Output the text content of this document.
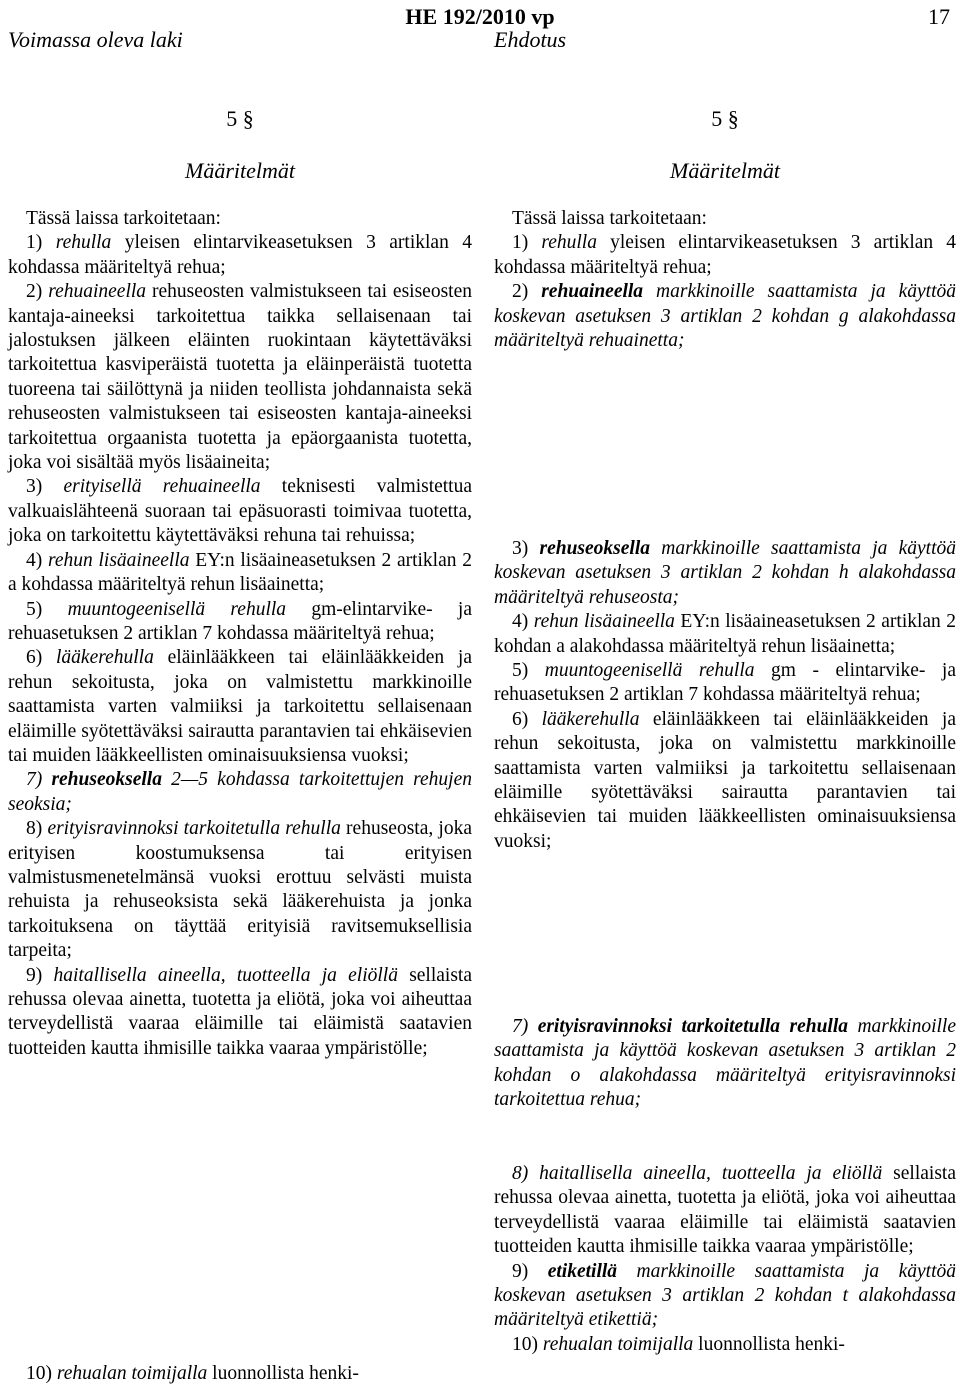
HE 192/2010 vp	17
Voimassa oleva laki	Ehdotus
5 §
Määritelmät

Tässä laissa tarkoitetaan:

1) rehulla yleisen elintarvikeasetuksen 3 artiklan 4 kohdassa määriteltyä rehua;

2) rehuaineella rehuseosten valmistukseen tai esiseosten kantaja-aineeksi tarkoitettua taikka sellaisenaan tai jalostuksen jälkeen eläinten ruokintaan käytettäväksi tarkoitettua kasviperäistä tuotetta ja eläinperäistä tuotetta tuoreena tai säilöttynä ja niiden teollista johdannaista sekä rehuseosten valmistukseen tai esiseosten kantaja-aineeksi tarkoitettua orgaanista tuotetta ja epäorgaanista tuotetta, joka voi sisältää myös lisäaineita;

3) erityisellä rehuaineella teknisesti valmistettua valkuaislähteenä suoraan tai epäsuorasti toimivaa tuotetta, joka on tarkoitettu käytettäväksi rehuna tai rehuissa;

4) rehun lisäaineella EY:n lisäaineasetuksen 2 artiklan 2 a kohdassa määriteltyä rehun lisäainetta;

5) muuntogeenisellä rehulla gm-elintarvike- ja rehuasetuksen 2 artiklan 7 kohdassa määriteltyä rehua;

6) lääkerehulla eläinlääkkeen tai eläinlääkkeiden ja rehun sekoitusta, joka on valmistettu markkinoille saattamista varten valmiiksi ja tarkoitettu sellaisenaan eläimille syötettäväksi sairautta parantavien tai ehkäisevien tai muiden lääkkeellisten ominaisuuksiensa vuoksi;

7) rehuseoksella 2—5 kohdassa tarkoitettujen rehujen seoksia;

8) erityisravinnoksi tarkoitetulla rehulla rehuseosta, joka erityisen koostumuksensa tai erityisen valmistusmenetelmänsä vuoksi erottuu selvästi muista rehuista ja rehuseoksista sekä lääkerehuista ja jonka tarkoituksena on täyttää erityisiä ravitsemuksellisia tarpeita;

9) haitallisella aineella, tuotteella ja eliöllä sellaista rehussa olevaa ainetta, tuotetta ja eliötä, joka voi aiheuttaa terveydellistä vaaraa eläimille tai eläimistä saatavien tuotteiden kautta ihmisille taikka vaaraa ympäristölle;

10) rehualan toimijalla luonnollista henki-

5 §
Määritelmät

Tässä laissa tarkoitetaan:

1) rehulla yleisen elintarvikeasetuksen 3 artiklan 4 kohdassa määriteltyä rehua;

2) rehuaineella markkinoille saattamista ja käyttöä koskevan asetuksen 3 artiklan 2 kohdan g alakohdassa määriteltyä rehuainetta;

3) rehuseoksella markkinoille saattamista ja käyttöä koskevan asetuksen 3 artiklan 2 kohdan h alakohdassa määriteltyä rehuseosta;

4) rehun lisäaineella EY:n lisäaineasetuksen 2 artiklan 2 kohdan a alakohdassa määriteltyä rehun lisäainetta;

5) muuntogeenisellä rehulla gm - elintarvike- ja rehuasetuksen 2 artiklan 7 kohdassa määriteltyä rehua;

6) lääkerehulla eläinlääkkeen tai eläinlääkkeiden ja rehun sekoitusta, joka on valmistettu markkinoille saattamista varten valmiiksi ja tarkoitettu sellaisenaan eläimille syötettäväksi sairautta parantavien tai ehkäisevien tai muiden lääkkeellisten ominaisuuksiensa vuoksi;

7) erityisravinnoksi tarkoitetulla rehulla markkinoille saattamista ja käyttöä koskevan asetuksen 3 artiklan 2 kohdan o alakohdassa määriteltyä erityisravinnoksi tarkoitettua rehua;

8) haitallisella aineella, tuotteella ja eliöllä sellaista rehussa olevaa ainetta, tuotetta ja eliötä, joka voi aiheuttaa terveydellistä vaaraa eläimille tai eläimistä saatavien tuotteiden kautta ihmisille taikka vaaraa ympäristölle;

9) etiketillä markkinoille saattamista ja käyttöä koskevan asetuksen 3 artiklan 2 kohdan t alakohdassa määriteltyä etikettiä;

10) rehualan toimijalla luonnollista henki-
